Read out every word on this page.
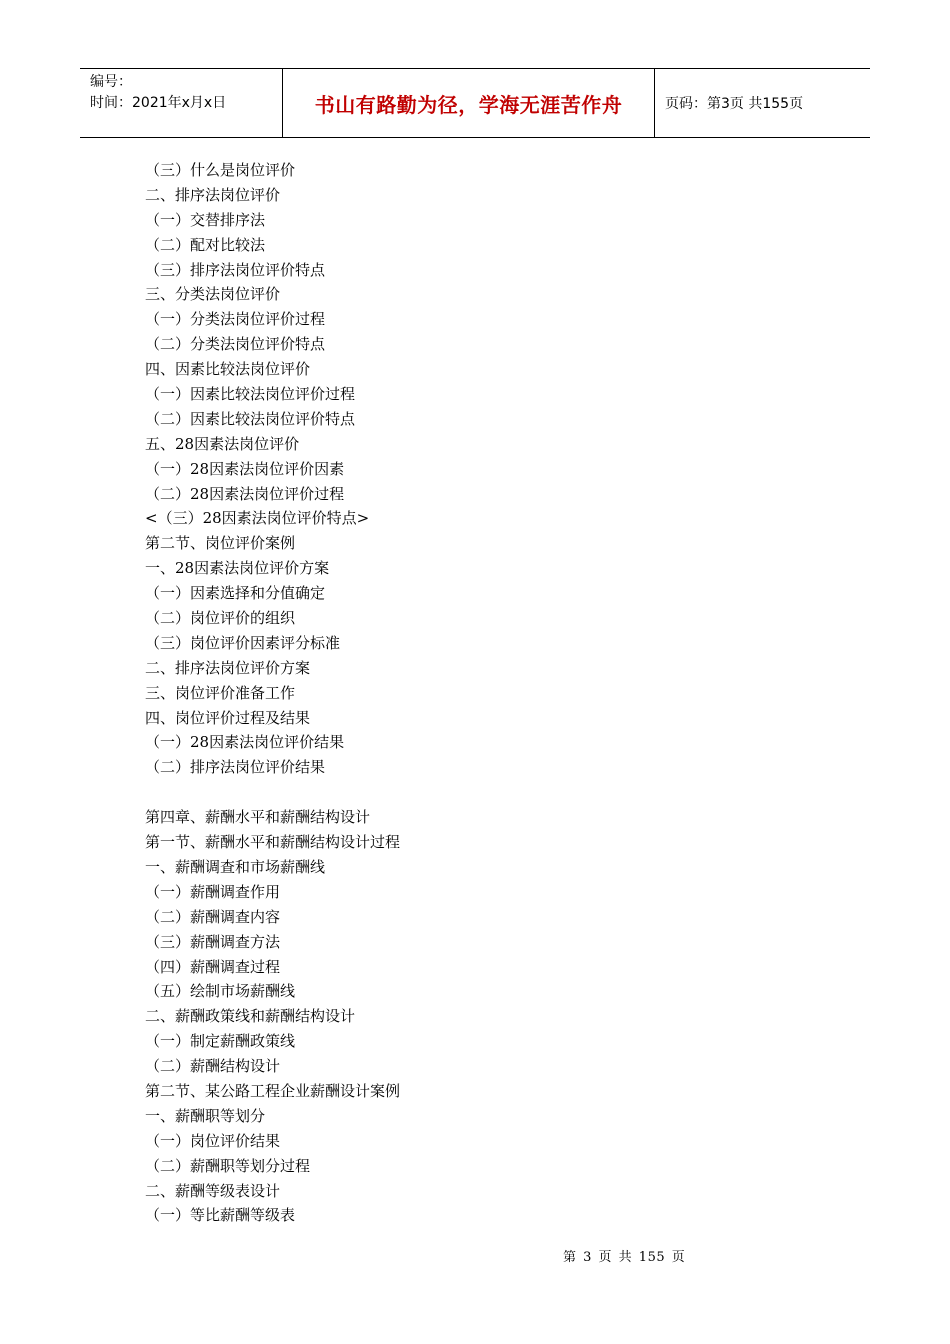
编号：
时间：2021年x月x日	书山有路勤为径，学海无涯苦作舟	页码：第3页 共155页
（三）什么是岗位评价
二、排序法岗位评价
（一）交替排序法
（二）配对比较法
（三）排序法岗位评价特点
三、分类法岗位评价
（一）分类法岗位评价过程
（二）分类法岗位评价特点
四、因素比较法岗位评价
（一）因素比较法岗位评价过程
（二）因素比较法岗位评价特点
五、28因素法岗位评价
（一）28因素法岗位评价因素
（二）28因素法岗位评价过程
<（三）28因素法岗位评价特点>
第二节、岗位评价案例
一、28因素法岗位评价方案
（一）因素选择和分值确定
（二）岗位评价的组织
（三）岗位评价因素评分标准
二、排序法岗位评价方案
三、岗位评价准备工作
四、岗位评价过程及结果
（一）28因素法岗位评价结果
（二）排序法岗位评价结果
第四章、薪酬水平和薪酬结构设计
第一节、薪酬水平和薪酬结构设计过程
一、薪酬调查和市场薪酬线
（一）薪酬调查作用
（二）薪酬调查内容
（三）薪酬调查方法
（四）薪酬调查过程
（五）绘制市场薪酬线
二、薪酬政策线和薪酬结构设计
（一）制定薪酬政策线
（二）薪酬结构设计
第二节、某公路工程企业薪酬设计案例
一、薪酬职等划分
（一）岗位评价结果
（二）薪酬职等划分过程
二、薪酬等级表设计
（一）等比薪酬等级表
第 3 页 共 155 页
